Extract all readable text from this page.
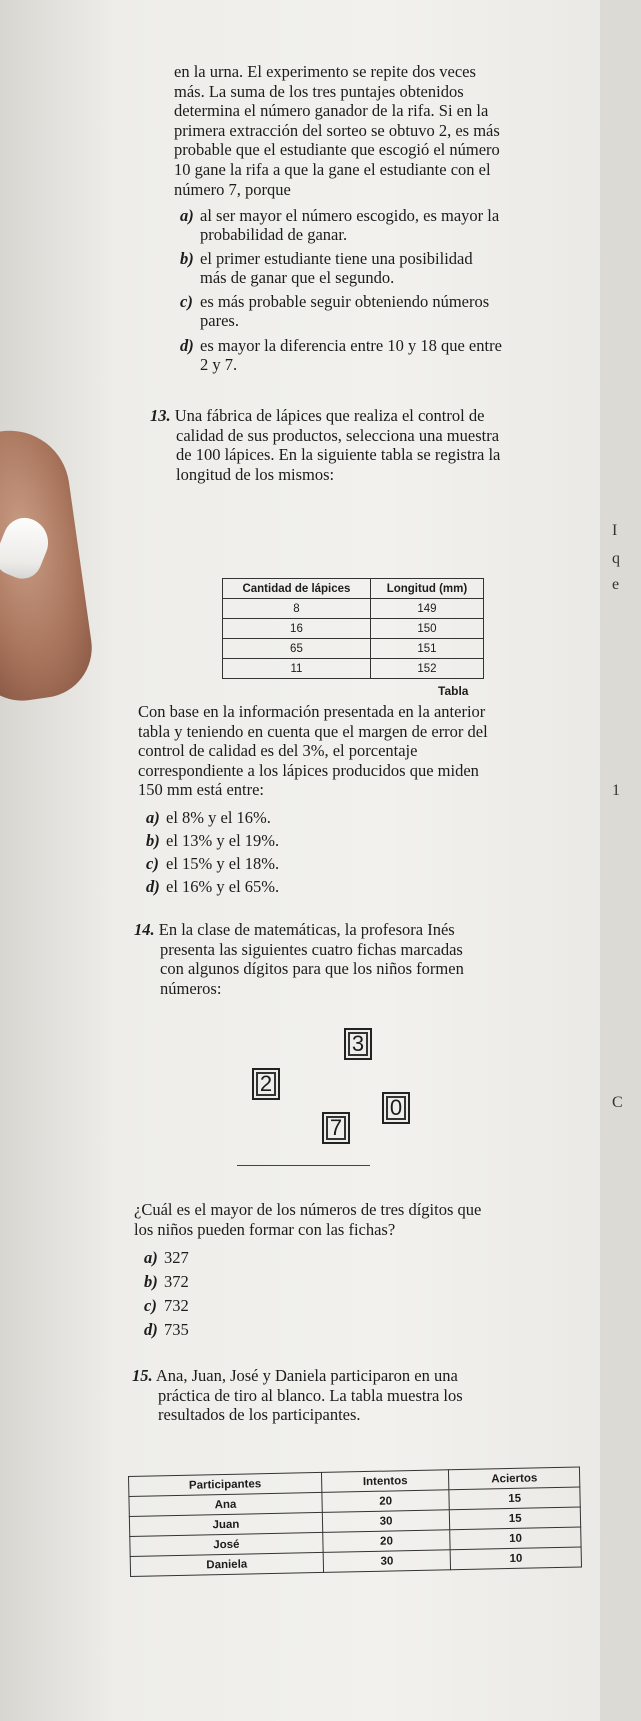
I
q
e
1
C
en la urna. El experimento se repite dos veces
más. La suma de los tres puntajes obtenidos
determina el número ganador de la rifa. Si en la
primera extracción del sorteo se obtuvo 2, es más
probable que el estudiante que escogió el número
10 gane la rifa a que la gane el estudiante con el
número 7, porque
a) al ser mayor el número escogido, es mayor la
probabilidad de ganar.
b) el primer estudiante tiene una posibilidad
más de ganar que el segundo.
c) es más probable seguir obteniendo números
pares.
d) es mayor la diferencia entre 10 y 18 que entre
2 y 7.
13. Una fábrica de lápices que realiza el control de
calidad de sus productos, selecciona una muestra
de 100 lápices. En la siguiente tabla se registra la
longitud de los mismos:
Cantidad de lápices	Longitud (mm)
8	149
16	150
65	151
11	152
Tabla
Con base en la información presentada en la anterior
tabla y teniendo en cuenta que el margen de error del
control de calidad es del 3%, el porcentaje
correspondiente a los lápices producidos que miden
150 mm está entre:
a) el 8% y el 16%.
b) el 13% y el 19%.
c) el 15% y el 18%.
d) el 16% y el 65%.
14. En la clase de matemáticas, la profesora Inés
presenta las siguientes cuatro fichas marcadas
con algunos dígitos para que los niños formen
números:
3
2
7
0
¿Cuál es el mayor de los números de tres dígitos que
los niños pueden formar con las fichas?
a) 327
b) 372
c) 732
d) 735
15. Ana, Juan, José y Daniela participaron en una
práctica de tiro al blanco. La tabla muestra los
resultados de los participantes.
Participantes	Intentos	Aciertos
Ana	20	15
Juan	30	15
José	20	10
Daniela	30	10
